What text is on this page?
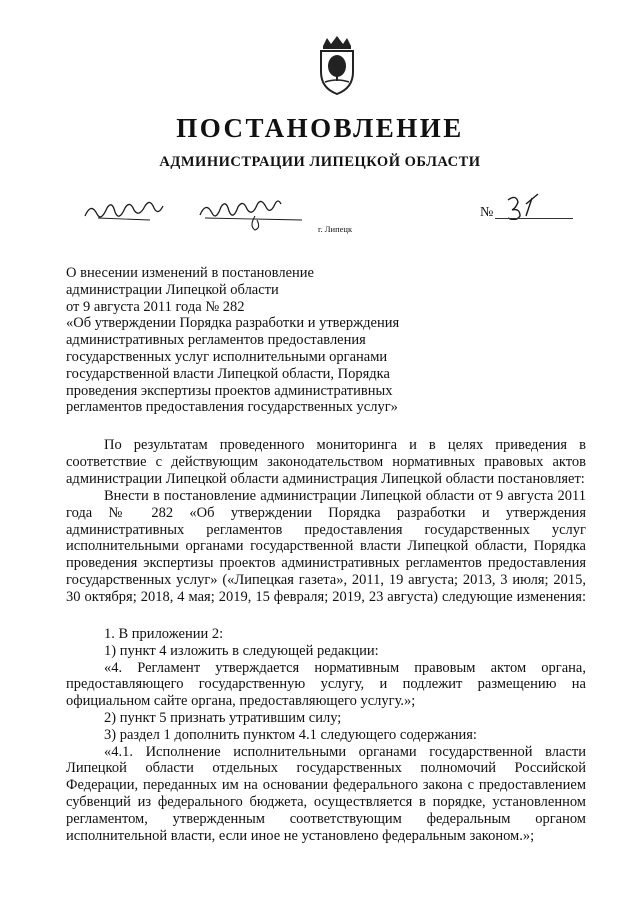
ПОСТАНОВЛЕНИЕ
АДМИНИСТРАЦИИ ЛИПЕЦКОЙ ОБЛАСТИ
г. Липецк
№
О внесении изменений в постановление
администрации Липецкой области
от 9 августа 2011 года № 282
«Об утверждении Порядка разработки и утверждения
административных регламентов предоставления
государственных услуг исполнительными органами
государственной власти Липецкой области, Порядка
проведения экспертизы проектов административных
регламентов предоставления государственных услуг»
По результатам проведенного мониторинга и в целях приведения в
соответствие с действующим законодательством нормативных правовых актов
администрации Липецкой области администрация Липецкой области постановляет:
Внести в постановление администрации Липецкой области от 9 августа 2011
года № 282 «Об утверждении Порядка разработки и утверждения
административных регламентов предоставления государственных услуг
исполнительными органами государственной власти Липецкой области, Порядка
проведения экспертизы проектов административных регламентов предоставления
государственных услуг» («Липецкая газета», 2011, 19 августа; 2013, 3 июля; 2015,
30 октября; 2018, 4 мая; 2019, 15 февраля; 2019, 23 августа) следующие изменения:
1. В приложении 2:
1) пункт 4 изложить в следующей редакции:
«4. Регламент утверждается нормативным правовым актом органа,
предоставляющего государственную услугу, и подлежит размещению на
официальном сайте органа, предоставляющего услугу.»;
2) пункт 5 признать утратившим силу;
3) раздел 1 дополнить пунктом 4.1 следующего содержания:
«4.1. Исполнение исполнительными органами государственной власти
Липецкой области отдельных государственных полномочий Российской
Федерации, переданных им на основании федерального закона с предоставлением
субвенций из федерального бюджета, осуществляется в порядке, установленном
регламентом, утвержденным соответствующим федеральным органом
исполнительной власти, если иное не установлено федеральным законом.»;
